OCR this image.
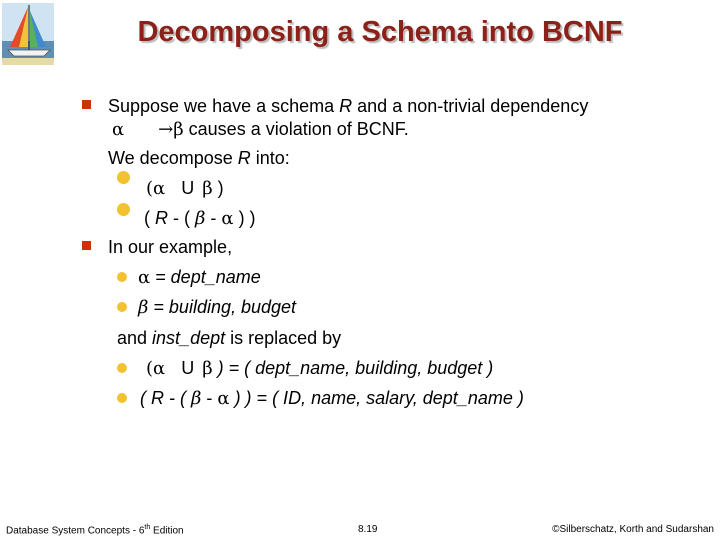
Decomposing a Schema into BCNF
Suppose we have a schema R and a non-trivial dependency
α →β causes a violation of BCNF.
We decompose R into:
(α U β )
( R - ( β - α ) )
In our example,
α = dept_name
β = building, budget
and inst_dept is replaced by
(α U β ) = ( dept_name, building, budget )
( R - ( β - α ) ) = ( ID, name, salary, dept_name )
Database System Concepts - 6th Edition	8.19	©Silberschatz, Korth and Sudarshan
